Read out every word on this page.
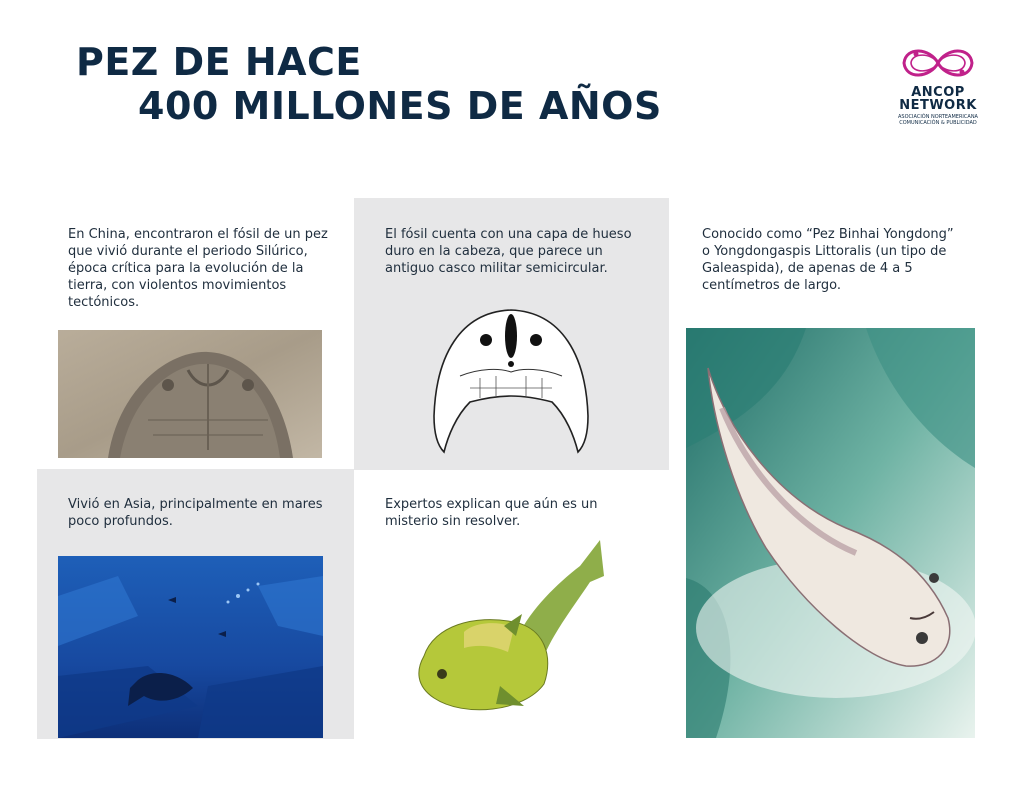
PEZ DE HACE
400 MILLONES DE AÑOS	ANCOP
NETWORK
ASOCIACIÓN NORTEAMERICANA
COMUNICACIÓN & PUBLICIDAD
En China, encontraron el fósil de un pez que vivió durante el periodo Silúrico, época crítica para la evolución de la tierra, con violentos movimientos tectónicos.
El fósil cuenta con una capa de hueso duro en la cabeza, que parece un antiguo casco militar semicircular.
Conocido como “Pez Binhai Yongdong” o Yongdongaspis Littoralis (un tipo de Galeaspida), de apenas de 4 a 5 centímetros de largo.
Vivió en Asia, principalmente en mares poco profundos.
Expertos explican que aún es un misterio sin resolver.
